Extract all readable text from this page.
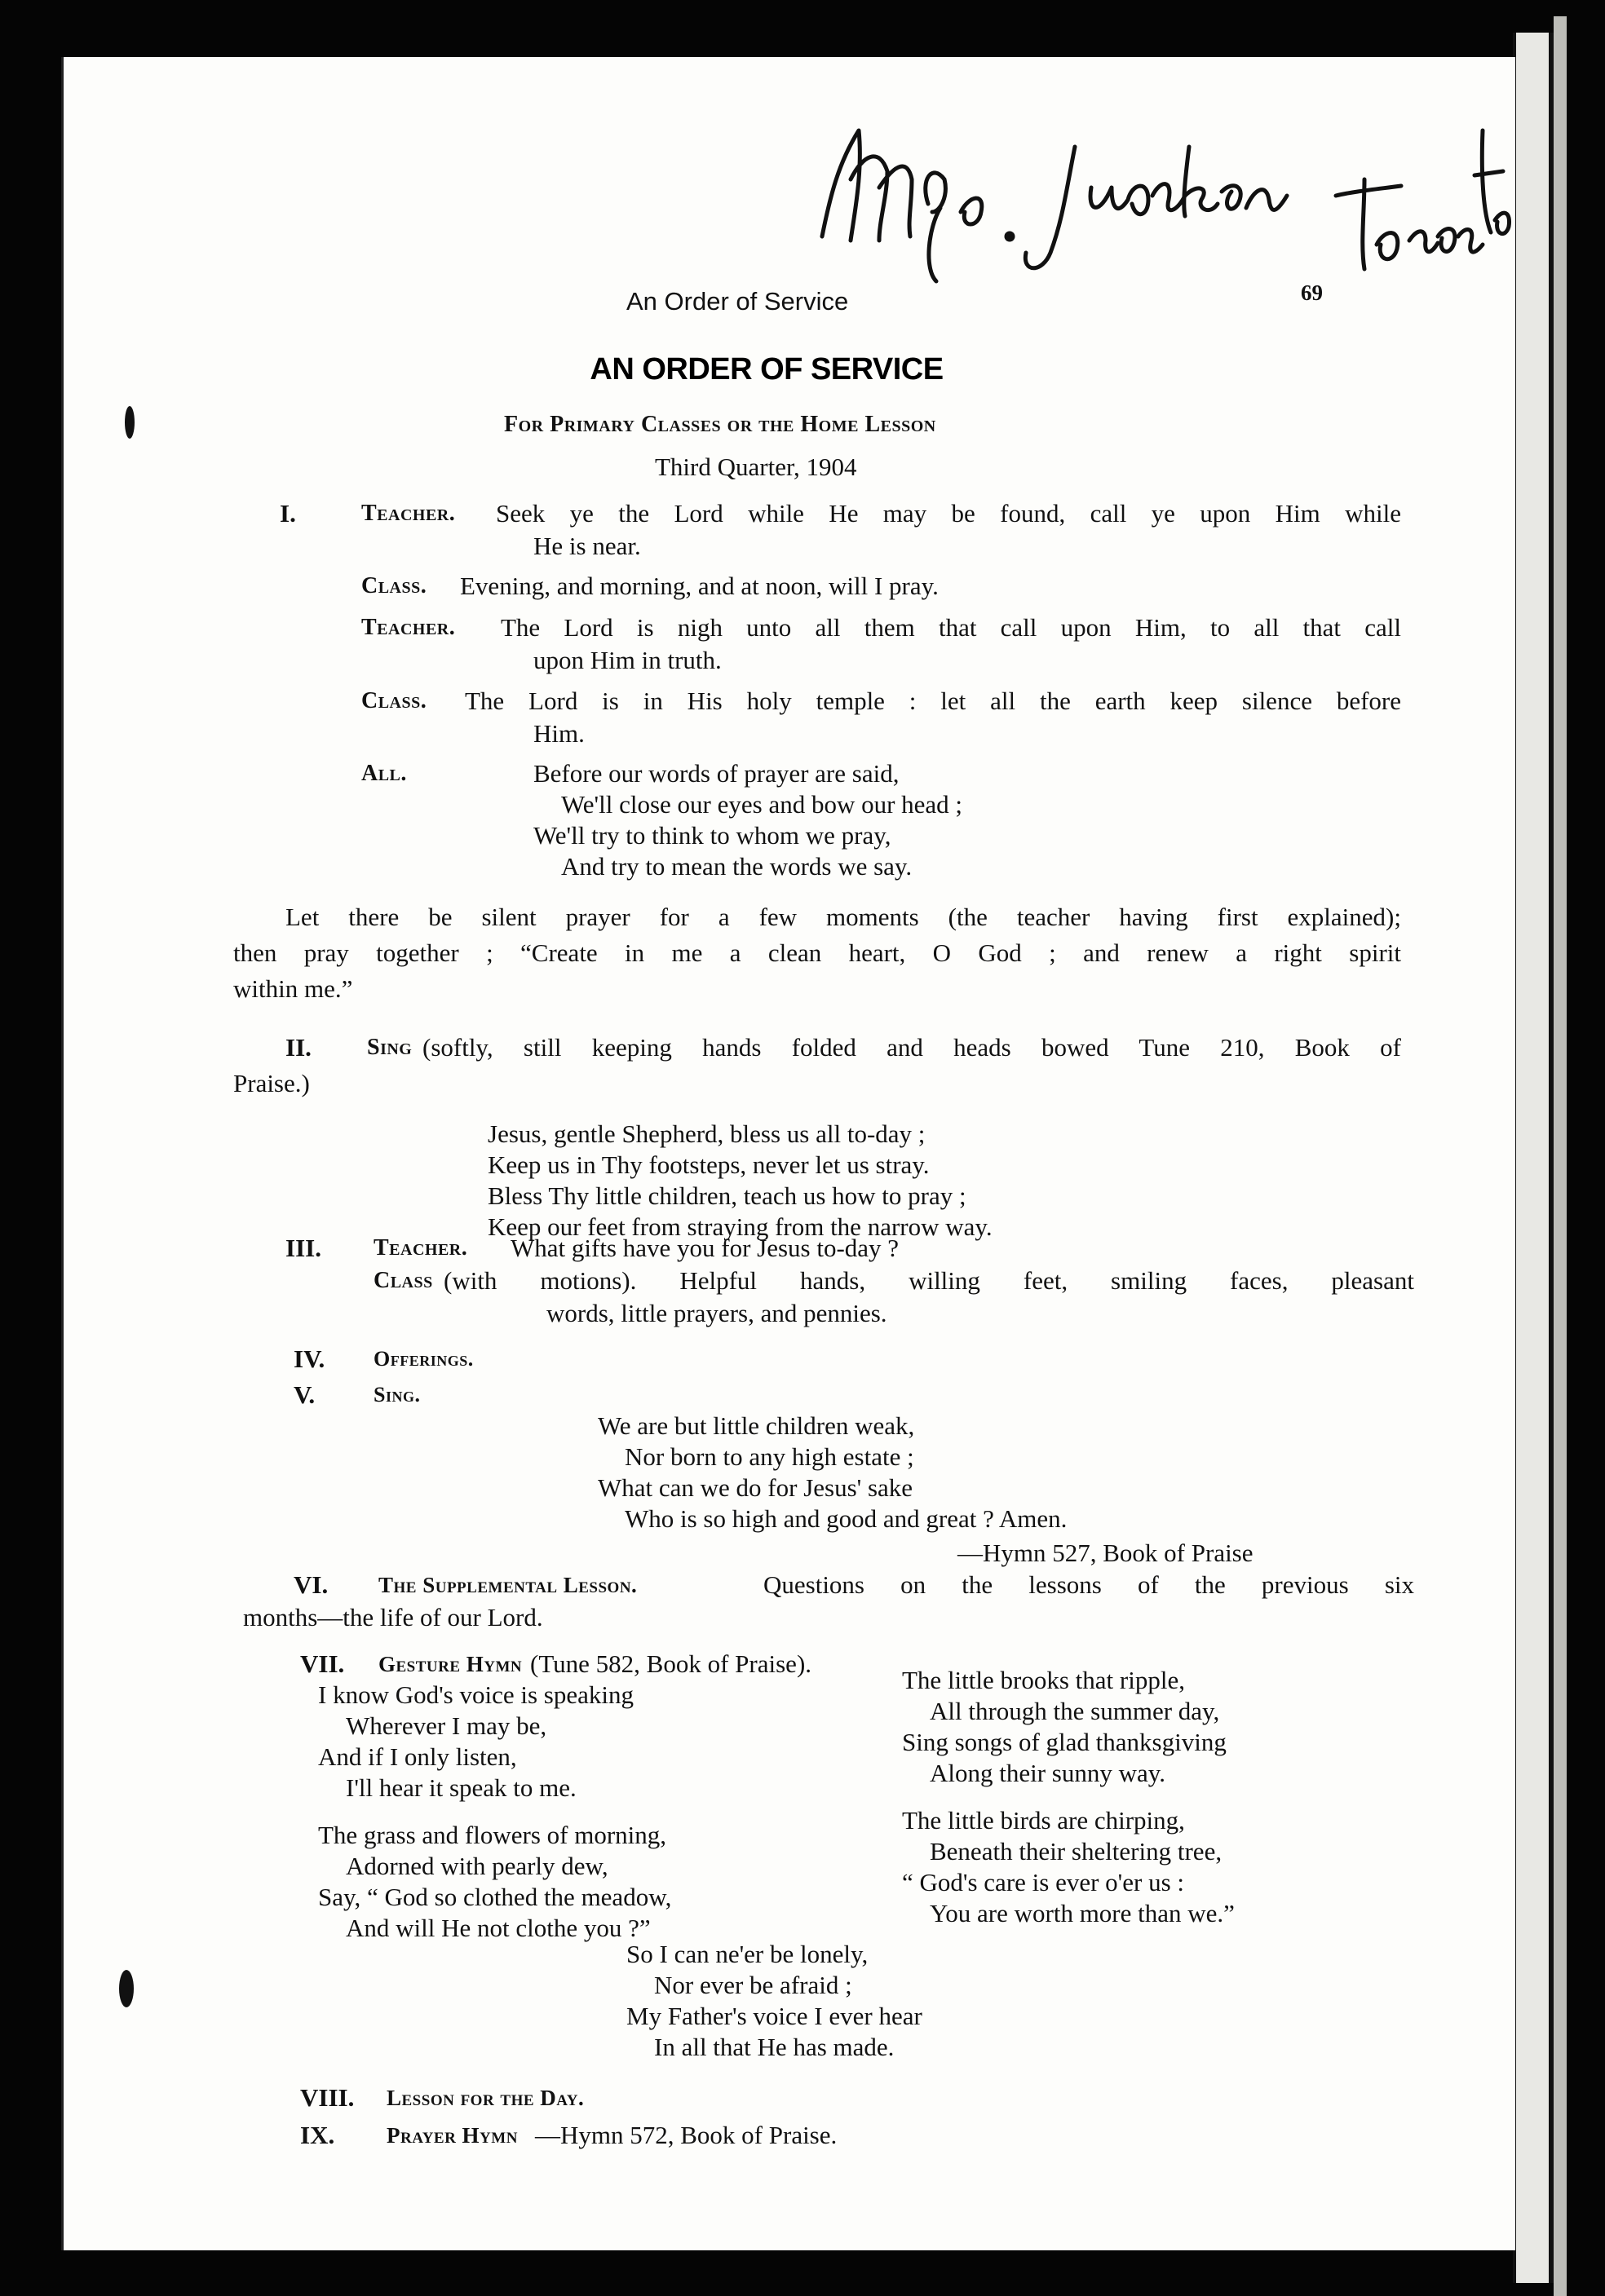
An Order of Service	69
AN ORDER OF SERVICE
For Primary Classes or the Home Lesson
Third Quarter, 1904
I.	Teacher. Seek ye the Lord while He may be found, call ye upon Him while
He is near.
Class. Evening, and morning, and at noon, will I pray.
Teacher. The Lord is nigh unto all them that call upon Him, to all that call
upon Him in truth.
Class. The Lord is in His holy temple : let all the earth keep silence before
Him.
All.	Before our words of prayer are said,
We'll close our eyes and bow our head ;
We'll try to think to whom we pray,
And try to mean the words we say.
Let there be silent prayer for a few moments (the teacher having first explained);
then pray together ; “Create in me a clean heart, O God ; and renew a right spirit
within me.”
II. Sing (softly, still keeping hands folded and heads bowed Tune 210, Book of
Praise.)
Jesus, gentle Shepherd, bless us all to-day ;
Keep us in Thy footsteps, never let us stray.
Bless Thy little children, teach us how to pray ;
Keep our feet from straying from the narrow way.
III. Teacher. What gifts have you for Jesus to-day ?
Class (with motions). Helpful hands, willing feet, smiling faces, pleasant
words, little prayers, and pennies.
IV. Offerings.
V.	Sing.
We are but little children weak,
Nor born to any high estate ;
What can we do for Jesus' sake
Who is so high and good and great ? Amen.
—Hymn 527, Book of Praise
VI. The Supplemental Lesson.	Questions on the lessons of the previous six
months—the life of our Lord.
VII. Gesture Hymn (Tune 582, Book of Praise).
I know God's voice is speaking
Wherever I may be,
And if I only listen,
I'll hear it speak to me.
The little brooks that ripple,
All through the summer day,
Sing songs of glad thanksgiving
Along their sunny way.
The grass and flowers of morning,
Adorned with pearly dew,
Say, “ God so clothed the meadow,
And will He not clothe you ?”
The little birds are chirping,
Beneath their sheltering tree,
“ God's care is ever o'er us :
You are worth more than we.”
So I can ne'er be lonely,
Nor ever be afraid ;
My Father's voice I ever hear
In all that He has made.
VIII. Lesson for the Day.
IX. Prayer Hymn —Hymn 572, Book of Praise.
